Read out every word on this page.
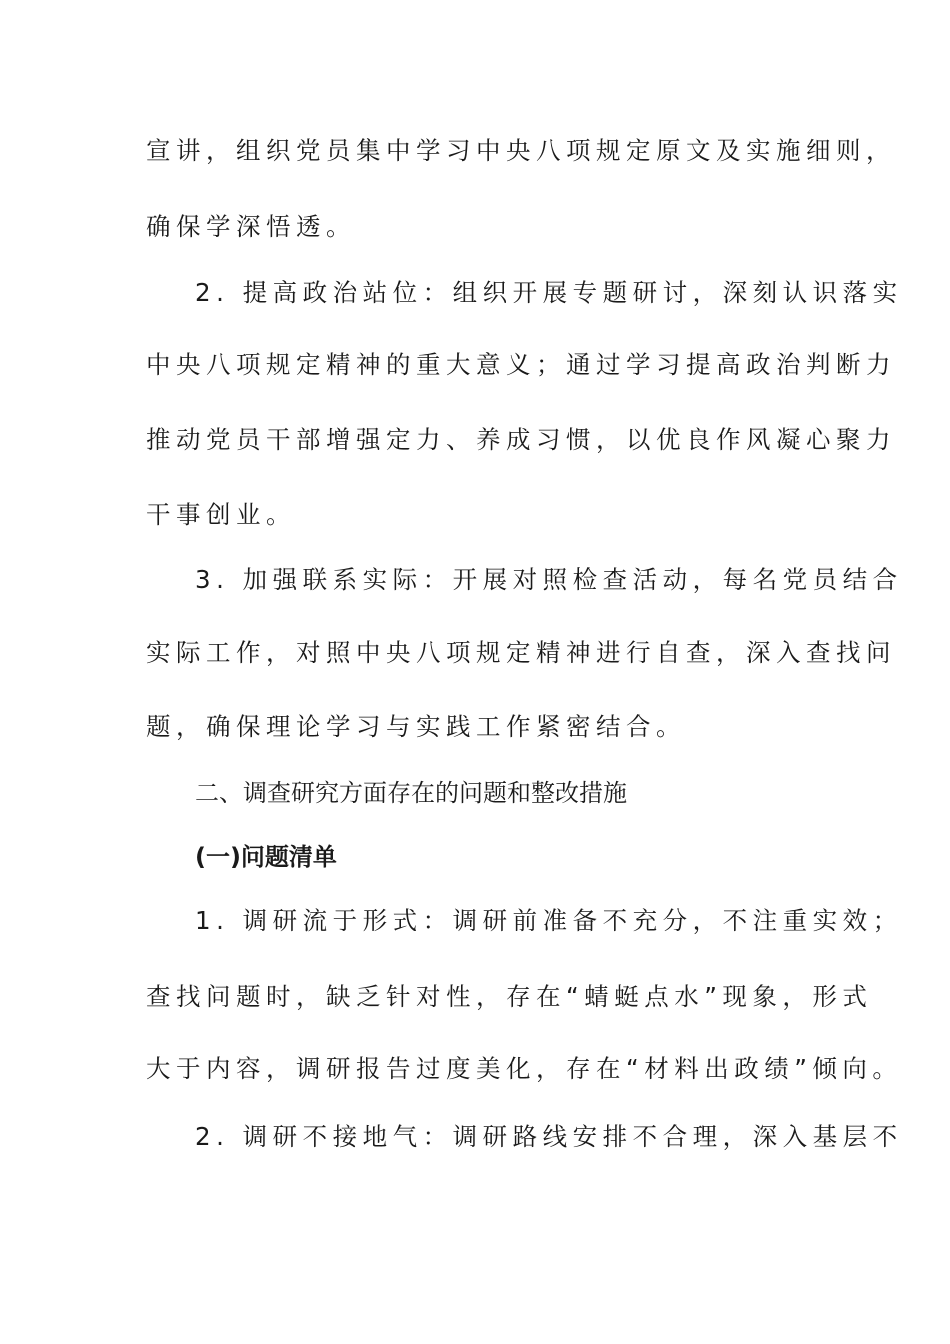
宣讲，组织党员集中学习中央八项规定原文及实施细则，
确保学深悟透。
2. 提高政治站位：组织开展专题研讨，深刻认识落实
中央八项规定精神的重大意义；通过学习提高政治判断力
推动党员干部增强定力、养成习惯，以优良作风凝心聚力
干事创业。
3. 加强联系实际：开展对照检查活动，每名党员结合
实际工作，对照中央八项规定精神进行自查，深入查找问
题，确保理论学习与实践工作紧密结合。
二、调查研究方面存在的问题和整改措施
(一)问题清单
1. 调研流于形式：调研前准备不充分，不注重实效；
查找问题时，缺乏针对性，存在“蜻蜓点水”现象，形式
大于内容，调研报告过度美化，存在“材料出政绩”倾向。
2. 调研不接地气：调研路线安排不合理，深入基层不
